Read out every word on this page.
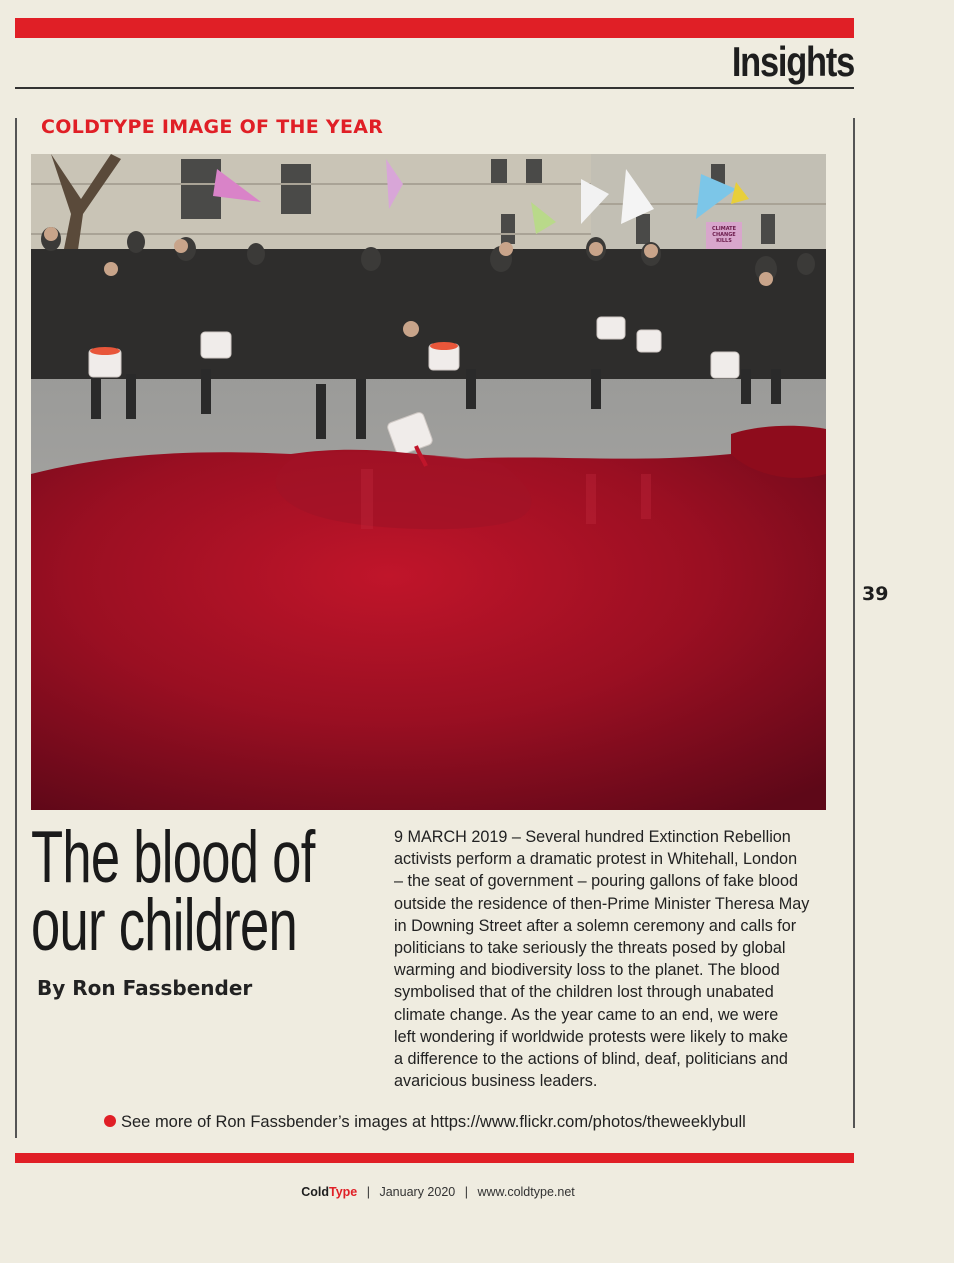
Insights
COLDTYPE IMAGE OF THE YEAR
CLIMATE
CHANGE
KILLS
39
The blood of
our children
By Ron Fassbender
9 MARCH 2019 – Several hundred Extinction Rebellion
activists perform a dramatic protest in Whitehall, London
– the seat of government – pouring gallons of fake blood
outside the residence of then-Prime Minister Theresa May
in Downing Street after a solemn ceremony and calls for
politicians to take seriously the threats posed by global
warming and biodiversity loss to the planet. The blood
symbolised that of the children lost through unabated
climate change. As the year came to an end, we were
left wondering if worldwide protests were likely to make
a difference to the actions of blind, deaf, politicians and
avaricious business leaders.
See more of Ron Fassbender’s images at https://www.flickr.com/photos/theweeklybull
ColdType | January 2020 | www.coldtype.net
